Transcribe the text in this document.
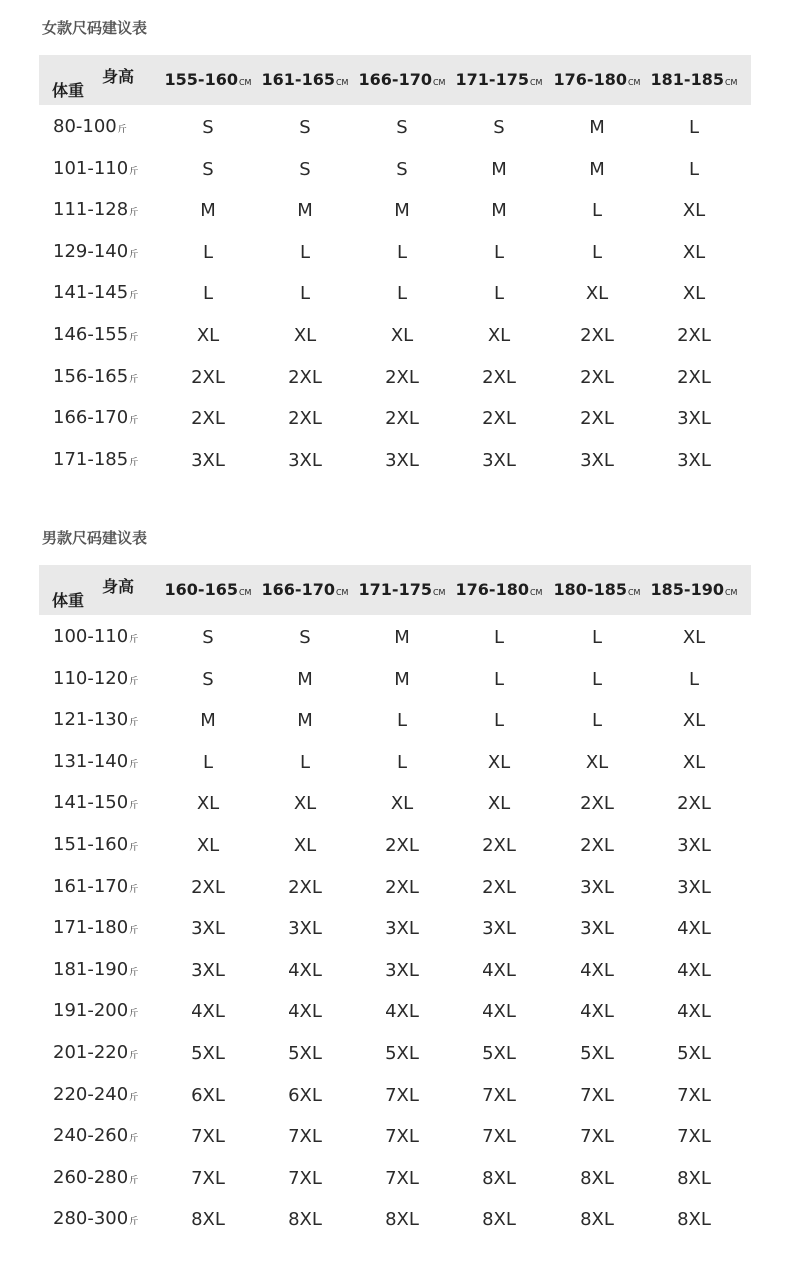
女款尺码建议表
体重
身高	155-160CM 161-165CM 166-170CM 171-175CM 176-180CM 181-185CM
80-100斤	S	S	S	S	M	L
101-110斤	S	S	S	M	M	L
111-128斤	M	M	M	M	L	XL
129-140斤	L	L	L	L	L	XL
141-145斤	L	L	L	L	XL	XL
146-155斤	XL	XL	XL	XL	2XL	2XL
156-165斤	2XL	2XL	2XL	2XL	2XL	2XL
166-170斤	2XL	2XL	2XL	2XL	2XL	3XL
171-185斤	3XL	3XL	3XL	3XL	3XL	3XL
男款尺码建议表
体重
身高	160-165CM 166-170CM 171-175CM 176-180CM 180-185CM 185-190CM
100-110斤	S	S	M	L	L	XL
110-120斤	S	M	M	L	L	L
121-130斤	M	M	L	L	L	XL
131-140斤	L	L	L	XL	XL	XL
141-150斤	XL	XL	XL	XL	2XL	2XL
151-160斤	XL	XL	2XL	2XL	2XL	3XL
161-170斤	2XL	2XL	2XL	2XL	3XL	3XL
171-180斤	3XL	3XL	3XL	3XL	3XL	4XL
181-190斤	3XL	4XL	3XL	4XL	4XL	4XL
191-200斤	4XL	4XL	4XL	4XL	4XL	4XL
201-220斤	5XL	5XL	5XL	5XL	5XL	5XL
220-240斤	6XL	6XL	7XL	7XL	7XL	7XL
240-260斤	7XL	7XL	7XL	7XL	7XL	7XL
260-280斤	7XL	7XL	7XL	8XL	8XL	8XL
280-300斤	8XL	8XL	8XL	8XL	8XL	8XL
